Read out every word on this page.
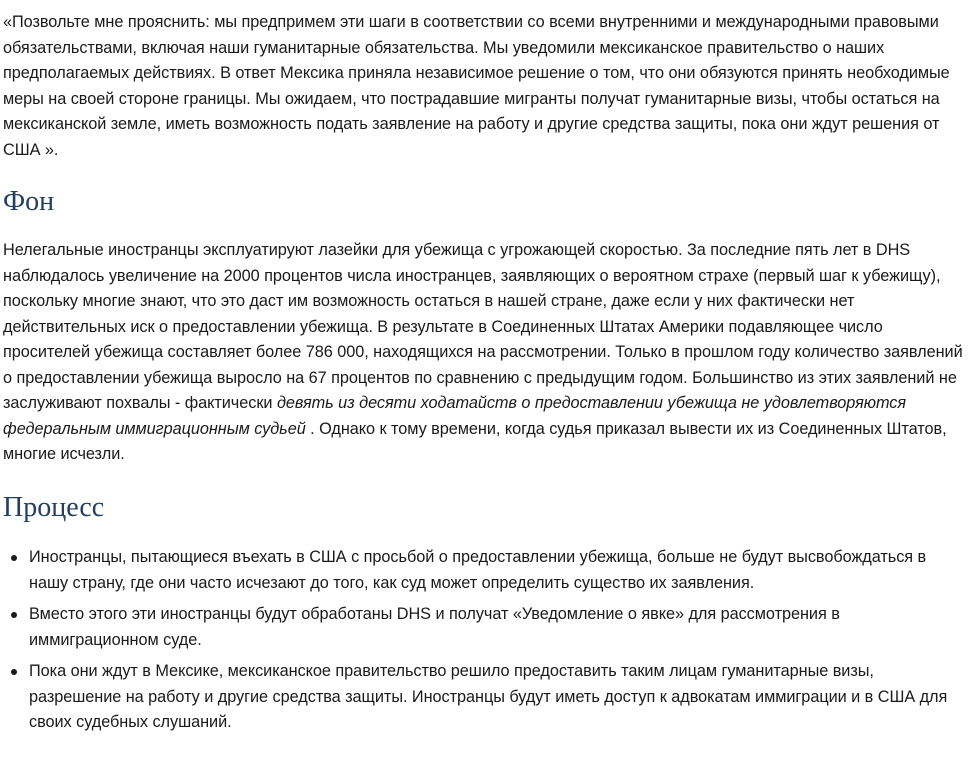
«Позвольте мне прояснить: мы предпримем эти шаги в соответствии со всеми внутренними и международными правовыми обязательствами, включая наши гуманитарные обязательства. Мы уведомили мексиканское правительство о наших предполагаемых действиях. В ответ Мексика приняла независимое решение о том, что они обязуются принять необходимые меры на своей стороне границы. Мы ожидаем, что пострадавшие мигранты получат гуманитарные визы, чтобы остаться на мексиканской земле, иметь возможность подать заявление на работу и другие средства защиты, пока они ждут решения от США ».

Фон

Нелегальные иностранцы эксплуатируют лазейки для убежища с угрожающей скоростью. За последние пять лет в DHS наблюдалось увеличение на 2000 процентов числа иностранцев, заявляющих о вероятном страхе (первый шаг к убежищу), поскольку многие знают, что это даст им возможность остаться в нашей стране, даже если у них фактически нет действительных иск о предоставлении убежища. В результате в Соединенных Штатах Америки подавляющее число просителей убежища составляет более 786 000, находящихся на рассмотрении. Только в прошлом году количество заявлений о предоставлении убежища выросло на 67 процентов по сравнению с предыдущим годом. Большинство из этих заявлений не заслуживают похвалы - фактически девять из десяти ходатайств о предоставлении убежища не удовлетворяются федеральным иммиграционным судьей . Однако к тому времени, когда судья приказал вывести их из Соединенных Штатов, многие исчезли.

Процесс
Иностранцы, пытающиеся въехать в США с просьбой о предоставлении убежища, больше не будут высвобождаться в нашу страну, где они часто исчезают до того, как суд может определить существо их заявления.
Вместо этого эти иностранцы будут обработаны DHS и получат «Уведомление о явке» для рассмотрения в иммиграционном суде.
Пока они ждут в Мексике, мексиканское правительство решило предоставить таким лицам гуманитарные визы, разрешение на работу и другие средства защиты. Иностранцы будут иметь доступ к адвокатам иммиграции и в США для своих судебных слушаний.
